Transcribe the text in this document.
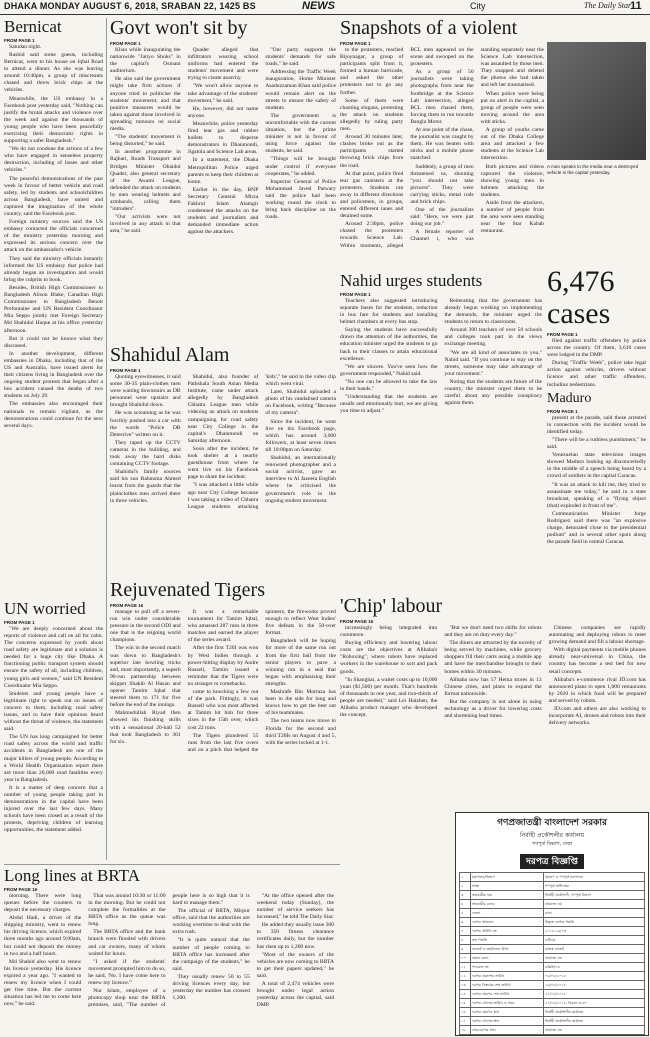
DHAKA MONDAY AUGUST 6, 2018, SRABAN 22, 1425 BS	NEWS	City	The Daily Star
11
Bernicat
FROM PAGE 1

Satudan night.

Rashid said some guests, including Bernicat, went to his house on Iqbal Road to attend a dinner. As she was leaving around 10:40pm, a group of miscreants chased and threw brick chips at the vehicles.

Meanwhile, the US embassy in a Facebook post yesterday said, "Nothing can justify the brutal attacks and violence over the week and against the thousands of young people who have been peacefully exercising their democratic rights in supporting a safer Bangladesh."

"We do not condone the actions of a few who have engaged in senseless property destruction, including of buses and other vehicles."

The peaceful demonstrations of the past week in favour of better vehicle and road safety, led by students and schoolchildren across Bangladesh, have united and captured the imagination of the whole country, said the Facebook post.

Foreign ministry sources said the US embassy contacted the officials concerned of the ministry yesterday morning and expressed its serious concern over the attack on the ambassador's vehicle.

They said the ministry officials instantly informed the US embassy that police had already began an investigation and would bring the culprits to book.

Besides, British High Commissioner to Bangladesh Alison Blake, Canadian High Commissioner to Bangladesh Benoit Prefontaine and UN Resident Coordinator Mia Seppo jointly met Foreign Secretary Md Shahidul Haque at his office yesterday afternoon.

But it could not be known what they discussed.

In another development, different embassies in Dhaka, including that of the US and Australia, have issued alerts for their citizens living in Bangladesh over the ongoing student protests that began after a bus accident caused the deaths of two students on July 29.

The embassies also encouraged their nationals to remain vigilant, as the demonstrations could continue for the next several days.

UN worried
FROM PAGE 1

"We are deeply concerned about the reports of violence and call on all for calm. The concerns expressed by youth about road safety are legitimate and a solution is needed for a huge city like Dhaka. A functioning public transport system should ensure the safety of all, including children, young girls and women," said UN Resident Coordinator Mia Seppo.

Students and young people have a legitimate right to speak out on issues of concern to them, including road safety issues, and to have their opinions heard without the threat of violence, the statement said.

The UN has long campaigned for better road safety across the world and traffic accidents in Bangladesh are one of the major killers of young people. According to a World Health Organisation report there are more than 20,000 road fatalities every year in Bangladesh.

It is a matter of deep concern that a number of young people taking part in demonstrations in the capital have been injured over the last few days. Many schools have been closed as a result of the protests, depriving children of learning opportunities, the statement added.

Govt won't sit by
FROM PAGE 1

Khan while inaugurating the nationwide "Jatiyo Shoks" in the capital's Osmani auditorium.

He also said the government might take firm actions if anyone tried to politicise the students' movement, and that punitive measures would be taken against those involved in spreading rumours on social media.

"The students' movement is being distorted," he said.

In another programme in Rajbari, Roads Transport and Bridges Minister Obaidul Quader, also general secretary of the Awami League, defended the attack on students by men wearing helmets and armbands, calling them "intruders".

"Our activists were not involved in any attack in that area," he said.

Quader alleged that infiltrators wearing school uniforms had entered the students' movement and were trying to create anarchy.

"We won't allow anyone to take advantage of the students' movement," he said.

He, however, did not name anyone.

Meanwhile, police yesterday fired tear gas and rubber bullets to disperse demonstrators in Dhanmondi, Jigatola and Science Lab areas.

In a statement, the Dhaka Metropolitan Police urged parents to keep their children at home.

Earlier in the day, BNP Secretary General Mirza Fakhrul Islam Alamgir condemned the attacks on the students and journalists and demanded immediate action against the attackers.

"Our party supports the students' demands for safe roads," he said.

Addressing the Traffic Week inauguration, Home Minister Asaduzzaman Khan said police would remain alert on the streets to ensure the safety of students.

The government is uncomfortable with the current situation, but the prime minister is not in favour of using force against the students, he said.

"Things will be brought under control if everyone cooperates," he added.

Inspector General of Police Mohammad Javed Patwary said the police had been working round the clock to bring back discipline on the roads.

Snapshots of a violent
FROM PAGE 1

to the protesters, reached Bijoynagar, a group of participants split from it, formed a human barricade, and asked the other protesters not to go any further.

Some of them were chanting slogans, protesting the attack on students allegedly by ruling party men.

Around 30 minutes later, clashes broke out as the participants started throwing brick chips from the road.

At that point, police fired tear gas canisters at the protesters. Students ran away in different directions and policemen, in groups, entered different lanes and detained some.

Around 2:30pm, police chased the protesters towards Science Lab. Within moments, alleged BCL men appeared on the scene and swooped on the protesters.

As a group of 50 journalists were taking photographs from near the footbridge at the Science Lab intersection, alleged BCL men chased them, forcing them to run towards Bangla Motor.

At one point of the chase, the journalist was caught by them. He was beaten with sticks and a mobile phone snatched.

Suddenly, a group of men threatened us, shouting "you should not take pictures". They were carrying sticks, metal rods and brick chips.

One of the journalists said: "Here, we were just doing our job."

A female reporter of Channel i, who was standing separately near the Science Lab intersection, was assaulted by those men. They snapped and deleted the photos she had taken and left her traumatised.

When police were being put on alert in the capital, a group of people were seen moving around the area with sticks.

A group of youths came out of the Dhaka College area and attacked a few students at the Science Lab intersection.

Both pictures and videos captured the violence, showing young men in helmets attacking the students.

Aside from the attackers, a number of people from the area were seen standing near the Star Kabab restaurant.

A man speaks to the media near a destroyed vehicle in the capital yesterday.
6,476 cases
FROM PAGE 1

filed against traffic offenders by police across the country. Of them, 3,610 cases were lodged in the DMP.

During "Traffic Week", police take legal action against vehicles, drivers without licence and other traffic offenders, including pedestrians.

Shahidul Alam
FROM PAGE 1

Quoting eyewitnesses, it said some 30-35 plain-clothes men were waiting downstairs as DB personnel went upstairs and brought Shahidul down.

He was screaming as he was forcibly pushed into a car with the words "Police DB Detective" written on it.

They taped up the CCTV cameras in the building, and took away the hard disks containing CCTV footage.

Shahidul's family sources said his son Rahnuma Ahmed learnt from the guards that the plainclothes men arrived there in three vehicles.

Shahidul, also founder of Pathshala South Asian Media Institute, came under attack allegedly by Bangladesh Chhatra League men while videoing an attack on students campaigning for road safety near City College in the capital's Dhanmondi on Saturday afternoon.

Soon after the incident, he took shelter at a nearby guesthouse from where he went live on his Facebook page to share the incident.

"I was attacked a little while ago near City College because I was taking a video of Chhatra League students attacking 'kids'," he said in the video clip which went viral.

Later, Shahidul uploaded a photo of his vandalised camera on Facebook, writing "Because of my camera".

Since the incident, he went live on his Facebook page, which has around 3,000 followers, at least seven times till 10:00pm on Saturday.

Shahidul, an internationally renowned photographer and a social activist, gave an interview to Al Jazeera English where he criticised the government's role in the ongoing student movement.

Nahid urges students
FROM PAGE 1

Teachers also suggested introducing separate buses for the students, reduction in bus fare for students and installing helmet chambers at every bus stop.

Saying the students have successfully drawn the attention of the authorities, the education minister urged the students to go back to their classes to attain educational excellence.

"We are sincere. You've seen how the government responded," Nahid said.

"No one can be allowed to take the law in their hands."

"Understanding that the students are unsafe and emotionally hurt, we are giving you time to adjust."

Reiterating that the government has already begun working on implementing the demands, the minister urged the students to return to classrooms.

Around 300 teachers of over 50 schools and colleges took part in the views exchange meeting.

"We are all kind of associates to you," Nahid said. "If you continue to stay on the streets, someone may take advantage of your movement."

Noting that the students are future of the country, the minister urged them to be careful about any possible conspiracy against them.	Maduro
FROM PAGE 1

present at the parade, said those arrested in connection with the incident would be identified today.

"There will be a ruthless punishment," he said.

Venezuelan state television images showed Maduro looking up disconcertedly in the middle of a speech being heard by a crowd of soldiers in the capital Caracas.

"It was an attack to kill me, they tried to assassinate me today," he said in a state broadcast, speaking of a "flying object (that) exploded in front of me".

Communication Minister Jorge Rodriguez said there was "an explosive charge, detonated close to the presidential podium" and in several other spots along the parade field in central Caracas.

Rejuvenated Tigers
FROM PAGE 16

manage to pull off a seven-run win under considerable pressure in the second ODI and one that is the reigning world champions.

The win in the second match was down to Bangladesh's superior late bowling tricks and, most importantly, a superb 90-run partnership between skipper Shakib Al Hasan and opener Tamim Iqbal that steered them to 171 for five before the end of the innings.

Mahmudullah Riyad then showed his finishing skills with a sensational 20-ball 52 that took Bangladesh to 301 for six.

It was a remarkable tournament for Tamim Iqbal, who amassed 287 runs in three matches and earned the player of the series award.

After the first T20I was won by West Indies through a power-hitting display by Andre Russell, Tamim issued a reminder that the Tigers were no stranger to comebacks.

came to knocking a few out of the park. Fittingly, it was Russell who was most affected at Tamim hit him for three sixes in the 15th over, which cost 22 runs.

The Tigers plundered 55 runs from the last five overs and on a pitch that helped the spinners, the fireworks proved enough to reflect West Indies' five defeats in the 50-over format.

Bangladesh will be hoping for more of the same run out from the first ball from the senior players to pave a winning run in a seal that began with emphasising their strengths.

Mashrafe Bin Mortaza has been in the side for long and knows how to get the best out of his teammates.

The two teams now move to Florida for the second and third T20Is on August 4 and 5, with the series locked at 1-1.

'Chip' labour
FROM PAGE 16

increasingly being integrated into commerce.

Buying efficiency and lowering labour costs are the objectives at Alibaba's "Rohoxing", where robots have replaced workers in the warehouse to sort and pack goods.

"In Shanghai, a waiter costs up to 10,000 yuan ($1,500) per month. That's hundreds of thousands in one year, and two-thirds of people are needed," said Lei Haizhen, the Alibaba product manager who developed the concept.

"But we don't need two shifts for robots and they are on duty every day."

The diners are attracted by the novelty of being served by machines, while grocery shoppers fill their carts using a mobile app and have the merchandise brought to their homes within 30 minutes.

Alibaba now has 57 Hema stores in 13 Chinese cities, and plans to expand the format nationwide.

But the company is not alone in using technology as a driver for lowering costs and shortening lead times.

Chinese companies are rapidly automating and deploying robots to meet growing demand and fill a labour shortage.

With digital payments via mobile phones already near-universal in China, the country has become a test bed for new retail concepts.

Alibaba's e-commerce rival JD.com has announced plans to open 1,000 restaurants by 2020 in which food will be prepared and served by robots.

JD.com and others are also working to incorporate AI, drones and robots into their delivery networks.

Long lines at BRTA
FROM PAGE 16

morning. There were long queues before the counters to deposit the necessary charges.

Abdul Hadi, a driver of the shipping ministry, went to renew his driving licence, which expired three months ago around 9:00am, but could not deposit the money in two and a half hours.

Md Shahid also went to renew his licence yesterday. His licence expired a year ago. "I wanted to renew my licence when I could get free time. But the current situation has led me to come here now," he said.

That was around 10:30 or 11:00 in the morning. But he could not complete the formalities at the BRTA office as the queue was long.

The BRTA office and the bank branch were flooded with drivers and car owners, many of whom waited for hours.

"I asked if the students' movement prompted him to do so, he said, 'No. I have come here to renew my licence.'"

Nur Islam, employee of a photocopy shop near the BRTA premises, said, "The number of people here is so high that it is hard to manage them."

The official of BRTA, Mirpur office, said that the authorities are working overtime to deal with the extra rush.

"It is quite natural that the number of people coming to BRTA office has increased after the campaign of the students," he said.

They usually renew 50 to 55 driving licences every day, but yesterday the number has crossed 1,200.

"At the office opened after the weekend today (Sunday), the number of service seekers has increased," he told The Daily Star.

He added they usually issue 300 to 350 fitness clearance certificates daily, but the number has risen up to 1,200 now.

"Most of the owners of the vehicles are now coming to BRTA to get their papers updated," he said.

A total of 2,474 vehicles were brought under legal action yesterday across the capital, said DMP.

গণপ্রজাতন্ত্রী বাংলাদেশ সরকার
নির্বাহী প্রকৌশলীর কার্যালয়
গণপূর্ত বিভাগ, ঢাকা
দরপত্র বিজ্ঞপ্তি
১	মন্ত্রণালয়/বিভাগ	গৃহায়ণ ও গণপূর্ত মন্ত্রণালয়
২	সংস্থা	গণপূর্ত অধিদপ্তর
৩	ক্রয়কারীর নাম	নির্বাহী প্রকৌশলী, গণপূর্ত বিভাগ
৪	ক্রয়কারীর কোড	প্রযোজ্য নয়
৫	জেলা	ঢাকা
৬	দরপত্র আহবান	উন্মুক্ত দরপত্র পদ্ধতি
৭	দরপত্র আইডি নং	২০১৮-১৯/০৩
৮	ক্রয় পদ্ধতি	ওটিএম
৯	বাজেট ও তহবিলের উৎস	রাজস্ব বাজেট
১০	প্রকল্প কোড	প্রযোজ্য নয়
১১	প্যাকেজ নং	ডব্লিউ/০৩
১২	দরপত্র প্রকাশের তারিখ	০৬/০৮/২০১৮
১৩	দরপত্র বিক্রয়ের শেষ তারিখ	২৬/০৮/২০১৮
১৪	দরপত্র গ্রহণের শেষ তারিখ	২৭/০৮/২০১৮
১৫	দরপত্র খোলার তারিখ ও সময়	২৭/০৮/২০১৮, বিকাল ৩.৩০
১৬	দরপত্র গ্রহণের স্থান	নির্বাহী প্রকৌশলীর কার্যালয়
১৭	দরপত্র খোলার স্থান	নির্বাহী প্রকৌশলীর কার্যালয়
১৮	প্রাক-দরপত্র সভা	প্রযোজ্য নয়
